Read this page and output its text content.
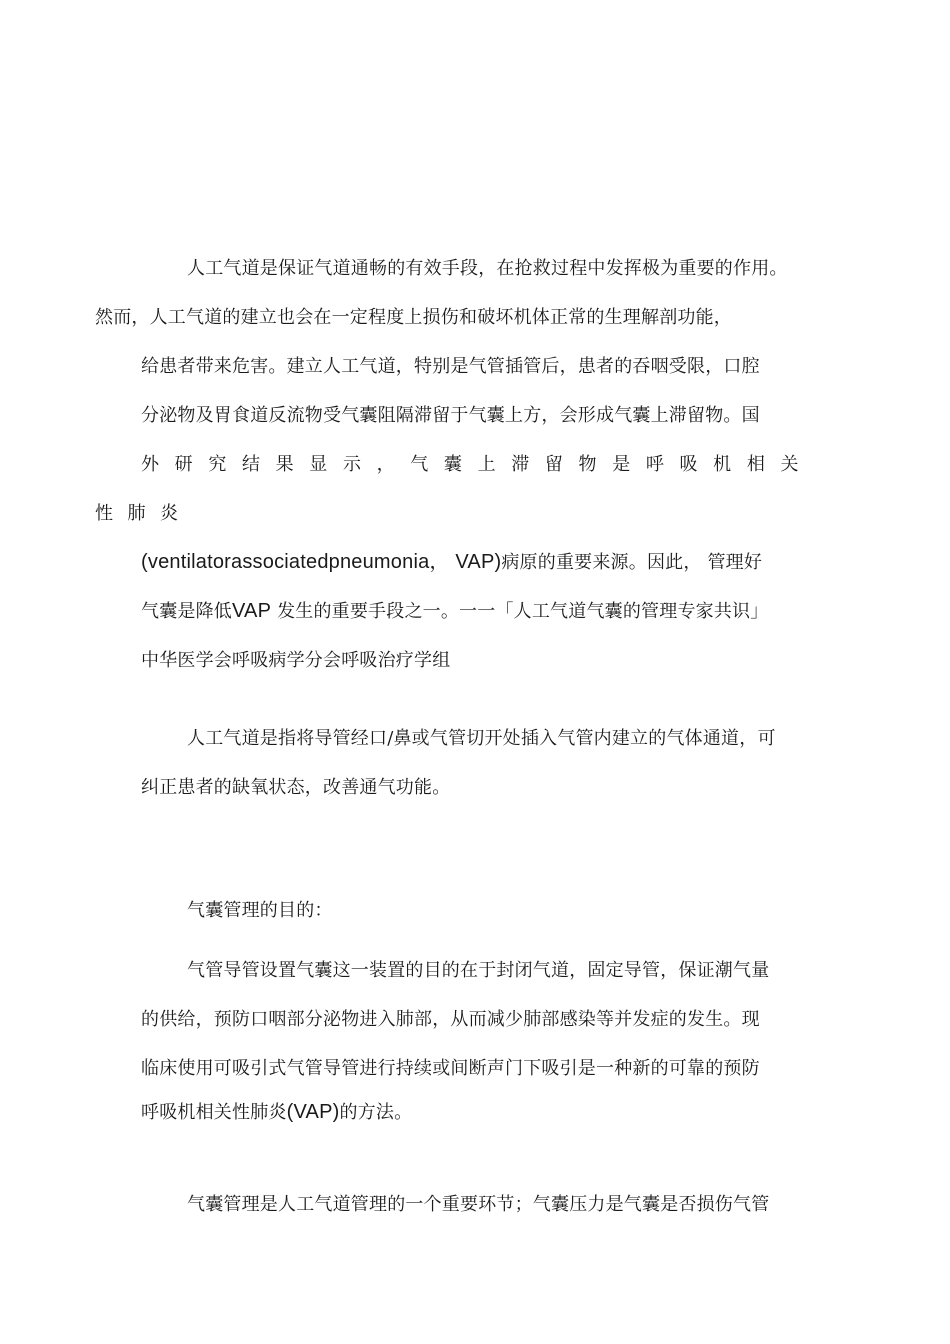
人工气道是保证气道通畅的有效手段，在抢救过程中发挥极为重要的作用。
然而，人工气道的建立也会在一定程度上损伤和破坏机体正常的生理解剖功能，
给患者带来危害。建立人工气道，特别是气管插管后，患者的吞咽受限，口腔
分泌物及胃食道反流物受气囊阻隔滞留于气囊上方，会形成气囊上滞留物。国
外研究结果显示，气囊上滞留物是呼吸机相关性肺炎
(ventilatorassociatedpneumonia， VAP)病原的重要来源。因此， 管理好
气囊是降低VAP 发生的重要手段之一。一一「人工气道气囊的管理专家共识」
中华医学会呼吸病学分会呼吸治疗学组
人工气道是指将导管经口/鼻或气管切开处插入气管内建立的气体通道，可
纠正患者的缺氧状态，改善通气功能。
气囊管理的目的：
气管导管设置气囊这一装置的目的在于封闭气道，固定导管，保证潮气量
的供给，预防口咽部分泌物进入肺部，从而减少肺部感染等并发症的发生。现
临床使用可吸引式气管导管进行持续或间断声门下吸引是一种新的可靠的预防
呼吸机相关性肺炎(VAP)的方法。
气囊管理是人工气道管理的一个重要环节；气囊压力是气囊是否损伤气管
